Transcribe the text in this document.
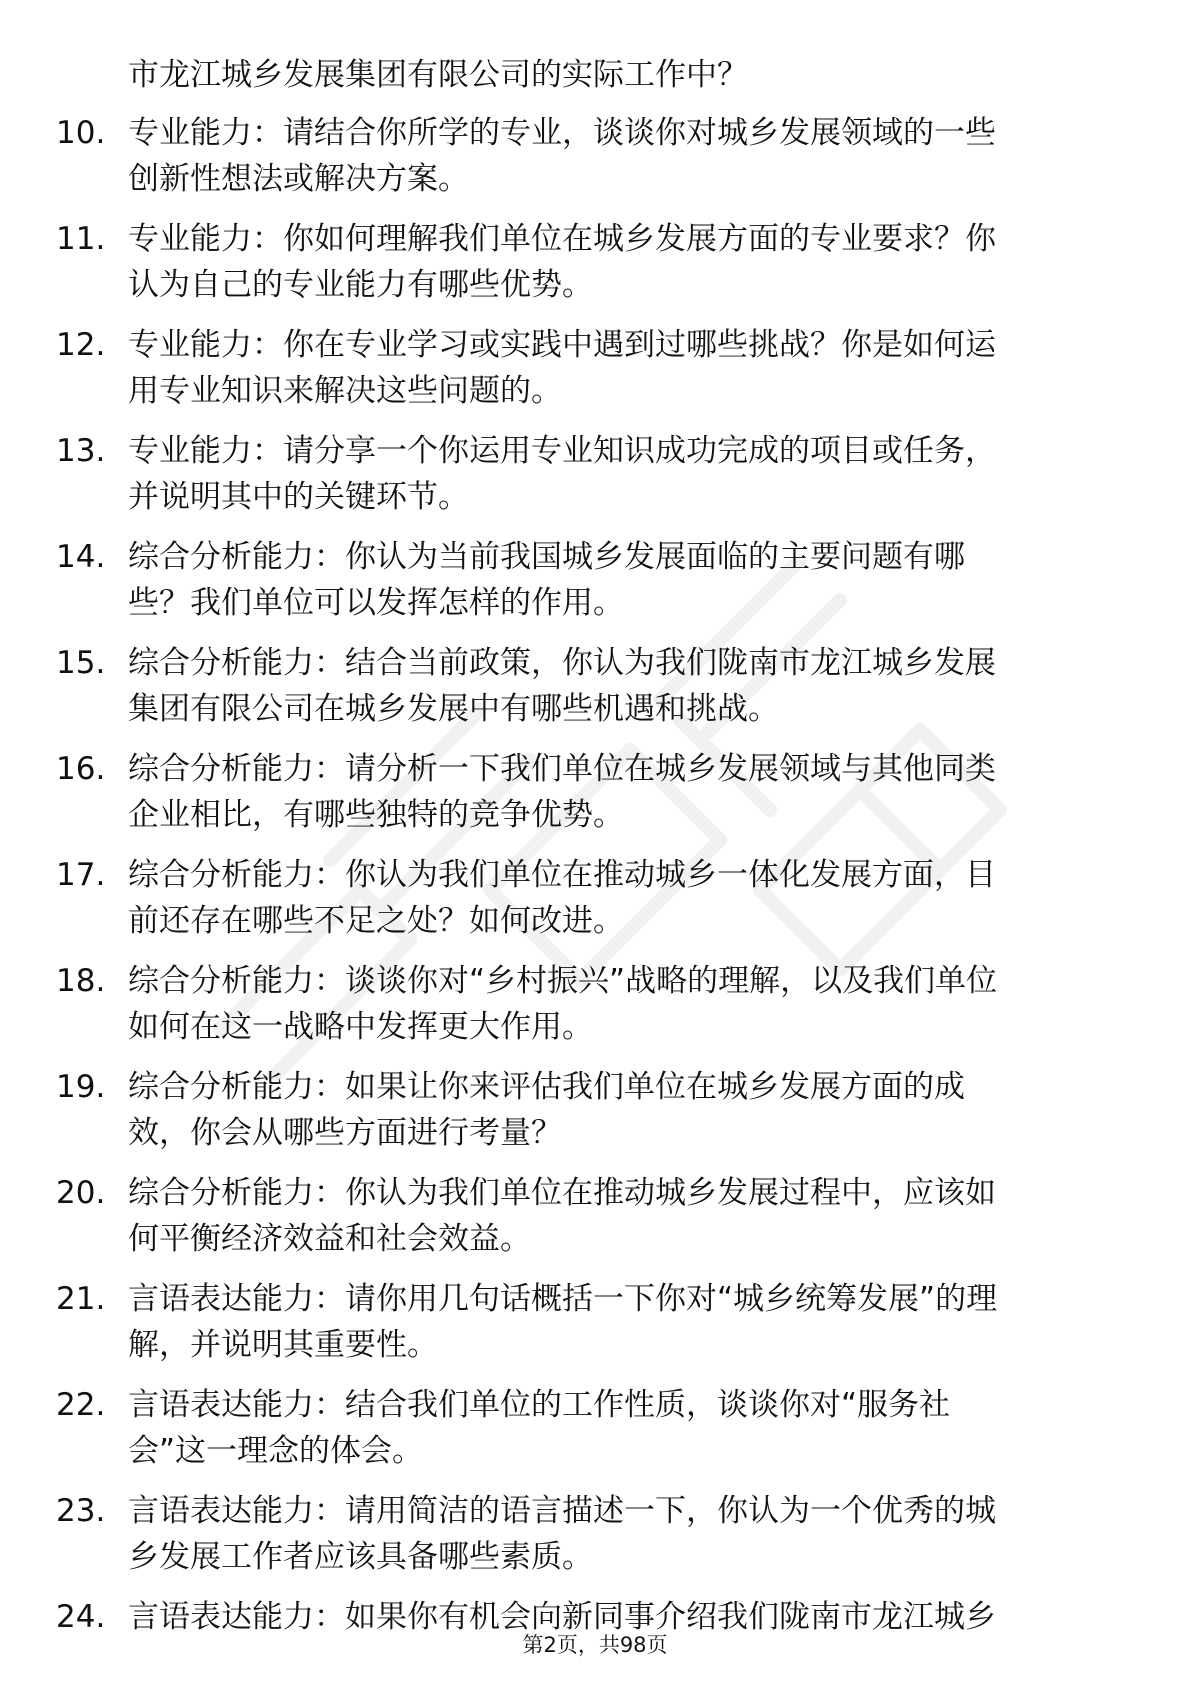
市龙江城乡发展集团有限公司的实际工作中？
10. 专业能力：请结合你所学的专业，谈谈你对城乡发展领域的一些
创新性想法或解决方案。
11. 专业能力：你如何理解我们单位在城乡发展方面的专业要求？你
认为自己的专业能力有哪些优势。
12. 专业能力：你在专业学习或实践中遇到过哪些挑战？你是如何运
用专业知识来解决这些问题的。
13. 专业能力：请分享一个你运用专业知识成功完成的项目或任务，
并说明其中的关键环节。
14. 综合分析能力：你认为当前我国城乡发展面临的主要问题有哪
些？我们单位可以发挥怎样的作用。
15. 综合分析能力：结合当前政策，你认为我们陇南市龙江城乡发展
集团有限公司在城乡发展中有哪些机遇和挑战。
16. 综合分析能力：请分析一下我们单位在城乡发展领域与其他同类
企业相比，有哪些独特的竞争优势。
17. 综合分析能力：你认为我们单位在推动城乡一体化发展方面，目
前还存在哪些不足之处？如何改进。
18. 综合分析能力：谈谈你对“乡村振兴”战略的理解，以及我们单位
如何在这一战略中发挥更大作用。
19. 综合分析能力：如果让你来评估我们单位在城乡发展方面的成
效，你会从哪些方面进行考量？
20. 综合分析能力：你认为我们单位在推动城乡发展过程中，应该如
何平衡经济效益和社会效益。
21. 言语表达能力：请你用几句话概括一下你对“城乡统筹发展”的理
解，并说明其重要性。
22. 言语表达能力：结合我们单位的工作性质，谈谈你对“服务社
会”这一理念的体会。
23. 言语表达能力：请用简洁的语言描述一下，你认为一个优秀的城
乡发展工作者应该具备哪些素质。
24. 言语表达能力：如果你有机会向新同事介绍我们陇南市龙江城乡
第2页，共98页
